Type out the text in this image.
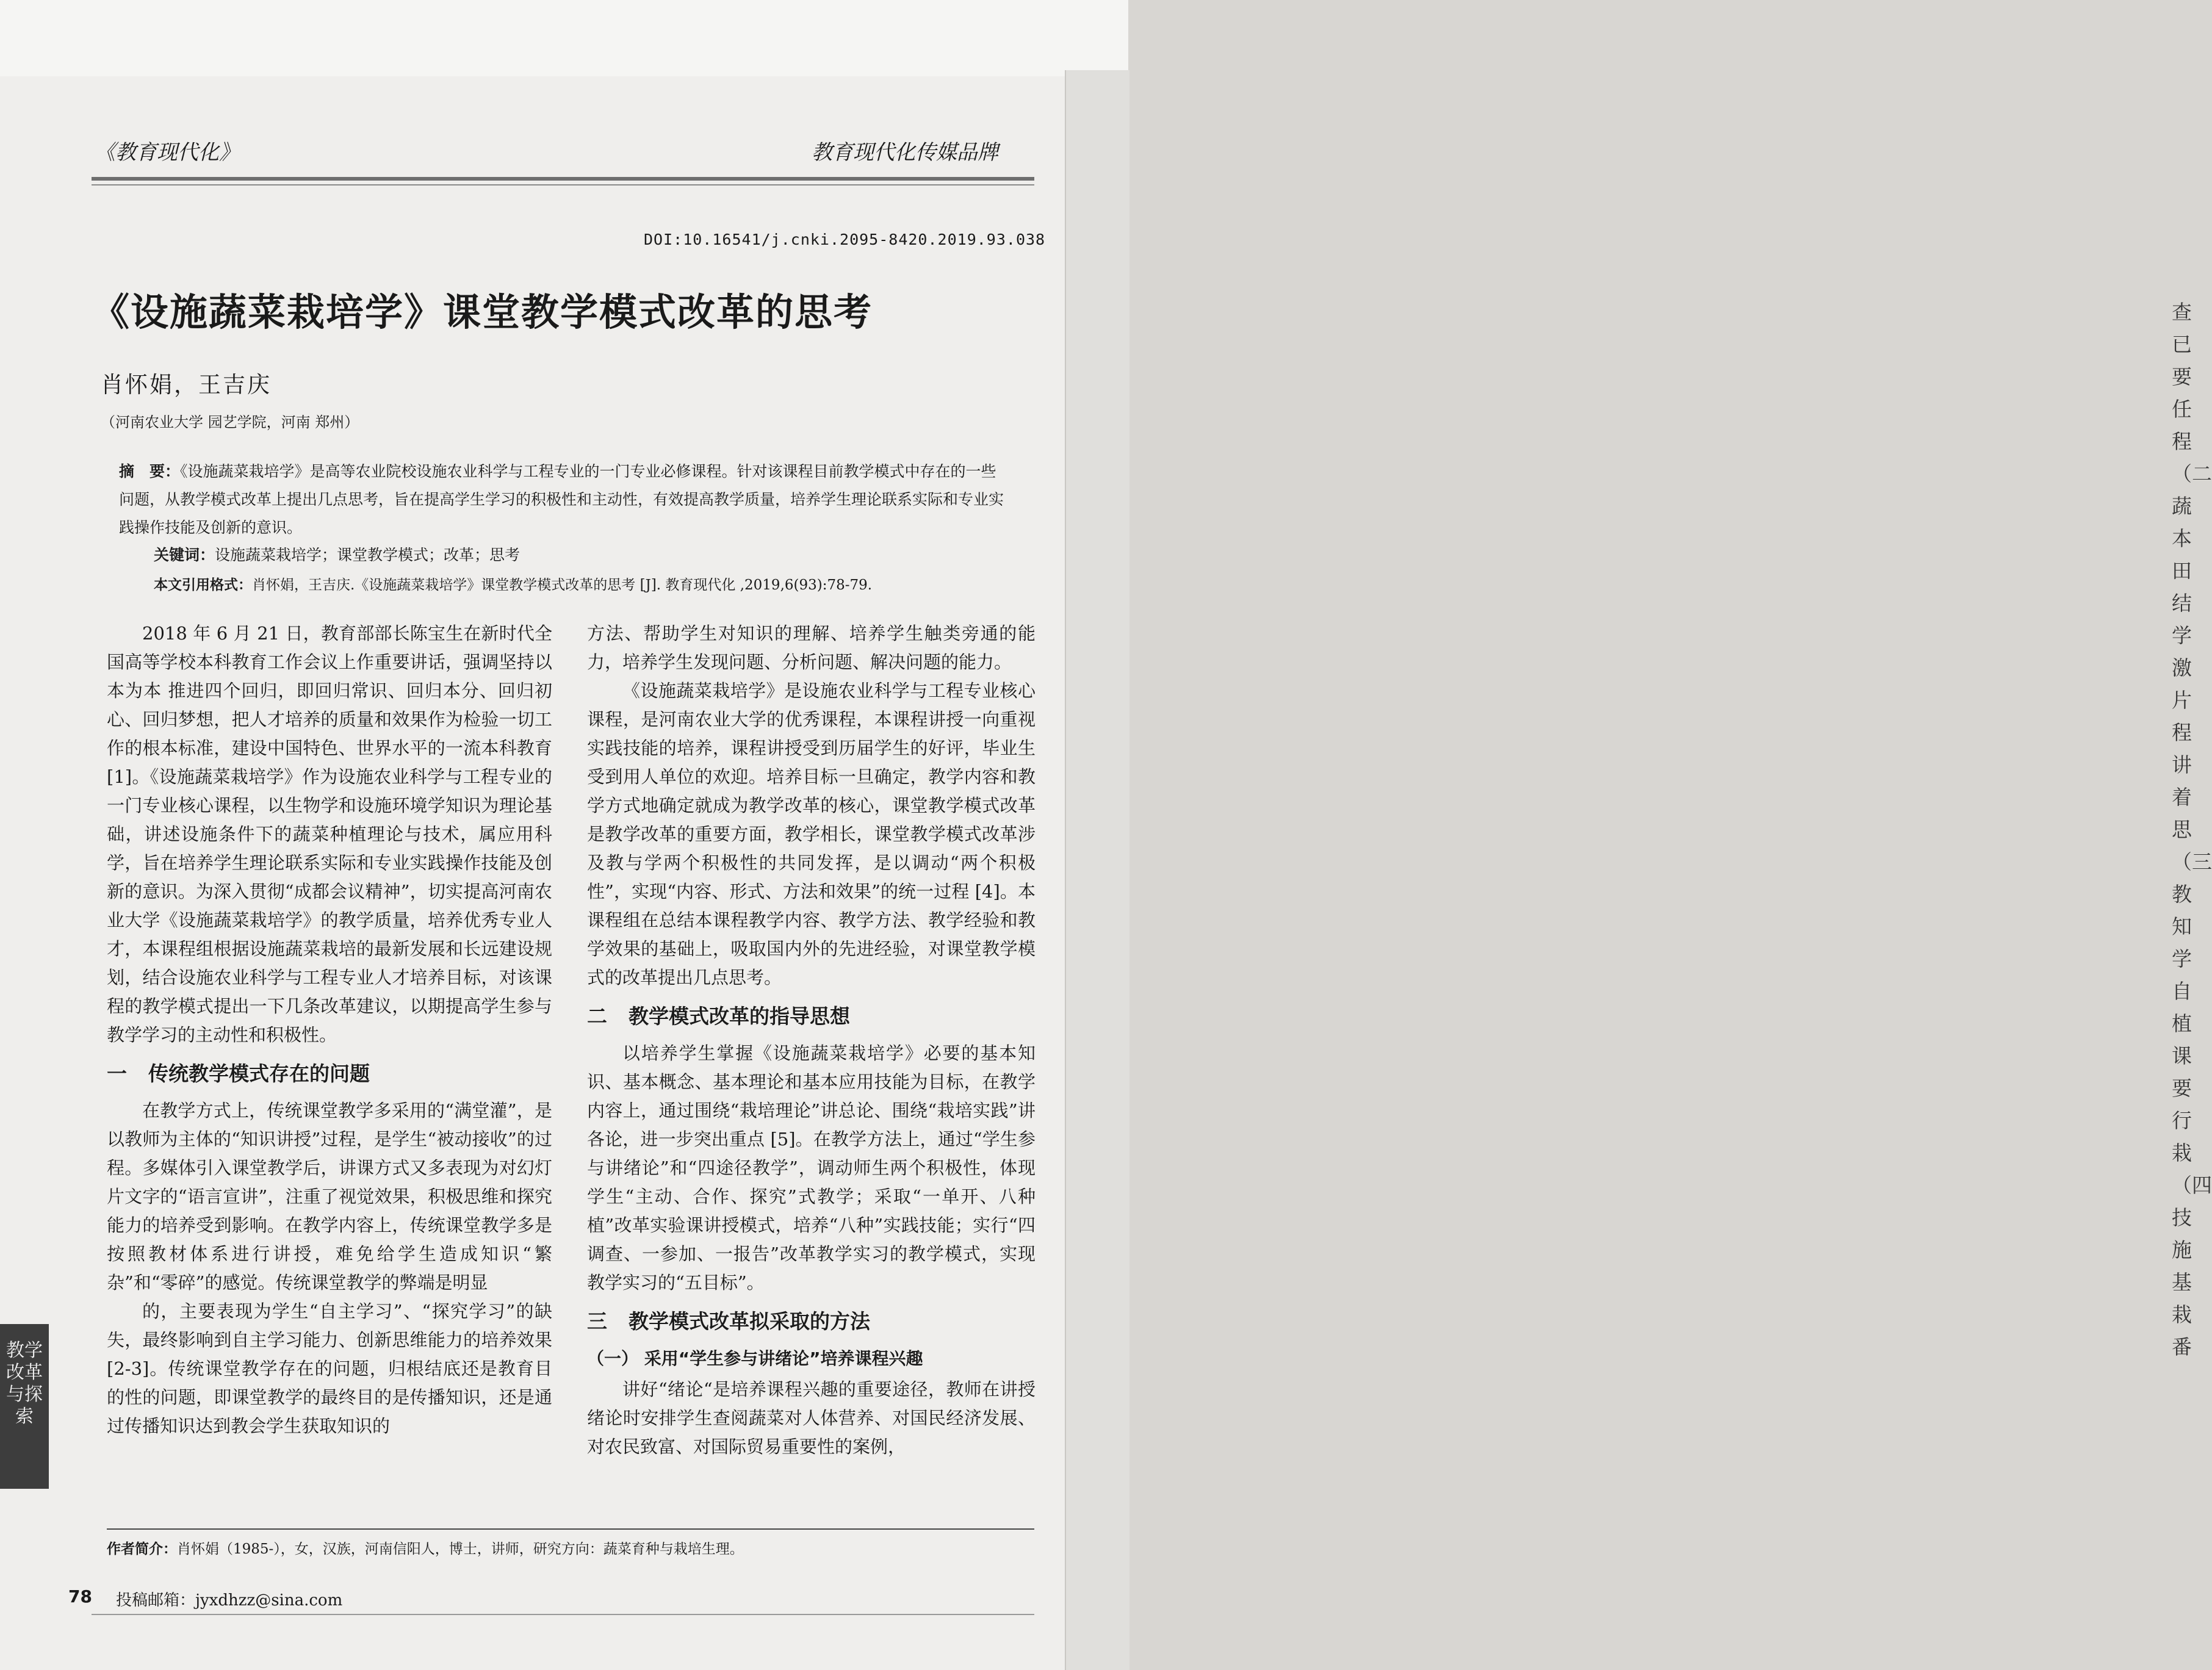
查已要任程（二蔬本田结学激片程讲着思（三教知学自植课要行栽（四技施基栽番
《教育现代化》	教育现代化传媒品牌
DOI:10.16541/j.cnki.2095-8420.2019.93.038
《设施蔬菜栽培学》课堂教学模式改革的思考
肖怀娟，王吉庆
（河南农业大学 园艺学院，河南 郑州）
摘　要：《设施蔬菜栽培学》是高等农业院校设施农业科学与工程专业的一门专业必修课程。针对该课程目前教学模式中存在的一些问题，从教学模式改革上提出几点思考，旨在提高学生学习的积极性和主动性，有效提高教学质量，培养学生理论联系实际和专业实践操作技能及创新的意识。
关键词：设施蔬菜栽培学；课堂教学模式；改革；思考
本文引用格式：肖怀娟，王吉庆.《设施蔬菜栽培学》课堂教学模式改革的思考 [J]. 教育现代化 ,2019,6(93):78-79.

2018 年 6 月 21 日，教育部部长陈宝生在新时代全国高等学校本科教育工作会议上作重要讲话，强调坚持以本为本 推进四个回归，即回归常识、回归本分、回归初心、回归梦想，把人才培养的质量和效果作为检验一切工作的根本标准，建设中国特色、世界水平的一流本科教育 [1]。《设施蔬菜栽培学》作为设施农业科学与工程专业的一门专业核心课程，以生物学和设施环境学知识为理论基础，讲述设施条件下的蔬菜种植理论与技术，属应用科学，旨在培养学生理论联系实际和专业实践操作技能及创新的意识。为深入贯彻“成都会议精神”，切实提高河南农业大学《设施蔬菜栽培学》的教学质量，培养优秀专业人才，本课程组根据设施蔬菜栽培的最新发展和长远建设规划，结合设施农业科学与工程专业人才培养目标，对该课程的教学模式提出一下几条改革建议，以期提高学生参与教学学习的主动性和积极性。

一 传统教学模式存在的问题

在教学方式上，传统课堂教学多采用的“满堂灌”，是以教师为主体的“知识讲授”过程，是学生“被动接收”的过程。多媒体引入课堂教学后，讲课方式又多表现为对幻灯片文字的“语言宣讲”，注重了视觉效果，积极思维和探究能力的培养受到影响。在教学内容上，传统课堂教学多是按照教材体系进行讲授，难免给学生造成知识“繁杂”和“零碎”的感觉。传统课堂教学的弊端是明显

的，主要表现为学生“自主学习”、“探究学习”的缺失，最终影响到自主学习能力、创新思维能力的培养效果 [2-3]。传统课堂教学存在的问题，归根结底还是教育目的性的问题，即课堂教学的最终目的是传播知识，还是通过传播知识达到教会学生获取知识的

方法、帮助学生对知识的理解、培养学生触类旁通的能力，培养学生发现问题、分析问题、解决问题的能力。

《设施蔬菜栽培学》是设施农业科学与工程专业核心课程，是河南农业大学的优秀课程，本课程讲授一向重视实践技能的培养，课程讲授受到历届学生的好评，毕业生受到用人单位的欢迎。培养目标一旦确定，教学内容和教学方式地确定就成为教学改革的核心，课堂教学模式改革是教学改革的重要方面，教学相长，课堂教学模式改革涉及教与学两个积极性的共同发挥，是以调动“两个积极性”，实现“内容、形式、方法和效果”的统一过程 [4]。本课程组在总结本课程教学内容、教学方法、教学经验和教学效果的基础上，吸取国内外的先进经验，对课堂教学模式的改革提出几点思考。

二 教学模式改革的指导思想

以培养学生掌握《设施蔬菜栽培学》必要的基本知识、基本概念、基本理论和基本应用技能为目标，在教学内容上，通过围绕“栽培理论”讲总论、围绕“栽培实践”讲各论，进一步突出重点 [5]。在教学方法上，通过“学生参与讲绪论”和“四途径教学”，调动师生两个积极性，体现学生“主动、合作、探究”式教学；采取“一单开、八种植”改革实验课讲授模式，培养“八种”实践技能；实行“四调查、一参加、一报告”改革教学实习的教学模式，实现教学实习的“五目标”。

三 教学模式改革拟采取的方法
（一） 采用“学生参与讲绪论”培养课程兴趣

讲好“绪论“是培养课程兴趣的重要途径，教师在讲授绪论时安排学生查阅蔬菜对人体营养、对国民经济发展、对农民致富、对国际贸易重要性的案例，

教学改革与探索
作者简介：肖怀娟（1985-），女，汉族，河南信阳人，博士，讲师，研究方向：蔬菜育种与栽培生理。
78 投稿邮箱：jyxdhzz@sina.com
